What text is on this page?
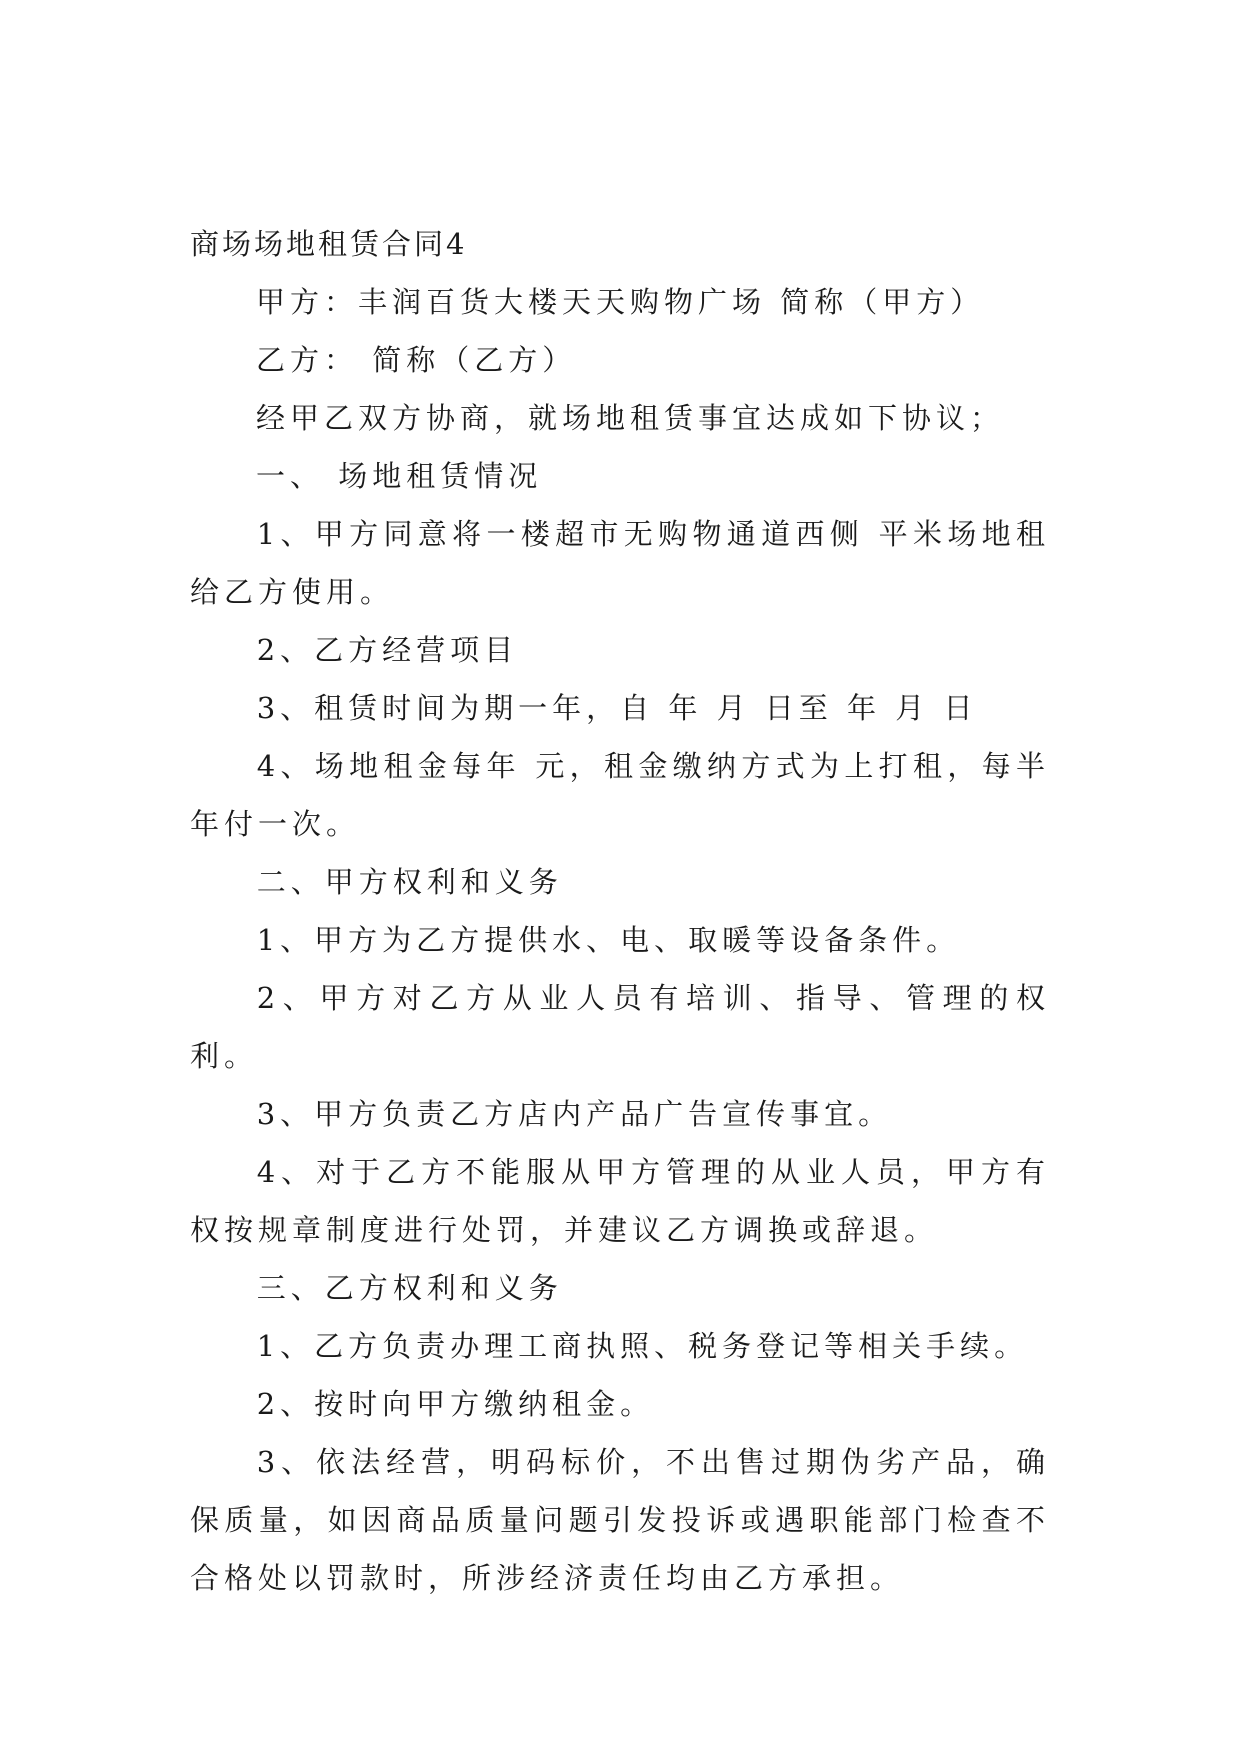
商场场地租赁合同4

甲方：丰润百货大楼天天购物广场 简称（甲方）

乙方： 简称（乙方）

经甲乙双方协商，就场地租赁事宜达成如下协议；

一、 场地租赁情况

1、甲方同意将一楼超市无购物通道西侧 平米场地租给乙方使用。

2、乙方经营项目

3、租赁时间为期一年，自 年 月 日至 年 月 日

4、场地租金每年 元，租金缴纳方式为上打租，每半年付一次。

二、甲方权利和义务

1、甲方为乙方提供水、电、取暖等设备条件。

2、甲方对乙方从业人员有培训、指导、管理的权利。

3、甲方负责乙方店内产品广告宣传事宜。

4、对于乙方不能服从甲方管理的从业人员，甲方有权按规章制度进行处罚，并建议乙方调换或辞退。

三、乙方权利和义务

1、乙方负责办理工商执照、税务登记等相关手续。

2、按时向甲方缴纳租金。

3、依法经营，明码标价，不出售过期伪劣产品，确保质量，如因商品质量问题引发投诉或遇职能部门检查不合格处以罚款时，所涉经济责任均由乙方承担。
